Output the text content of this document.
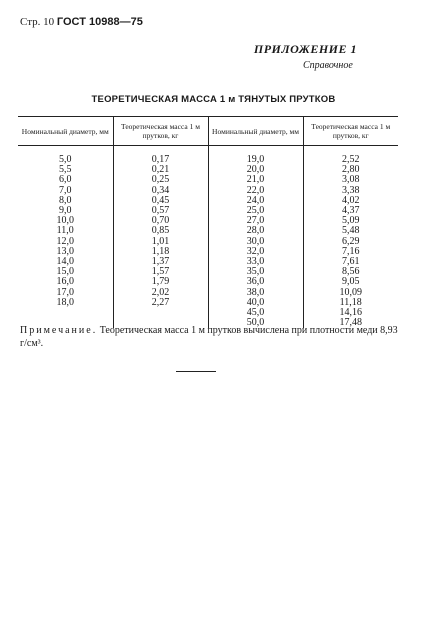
Стр. 10 ГОСТ 10988—75
ПРИЛОЖЕНИЕ 1
Справочное
ТЕОРЕТИЧЕСКАЯ МАССА 1 м ТЯНУТЫХ ПРУТКОВ
Номинальный диаметр, мм	Теоретическая масса 1 м прутков, кг	Номинальный диаметр, мм	Теоретическая масса 1 м прутков, кг
5,0	0,17	19,0	2,52
5,5	0,21	20,0	2,80
6,0	0,25	21,0	3,08
7,0	0,34	22,0	3,38
8,0	0,45	24,0	4,02
9,0	0,57	25,0	4,37
10,0	0,70	27,0	5,09
11,0	0,85	28,0	5,48
12,0	1,01	30,0	6,29
13,0	1,18	32,0	7,16
14,0	1,37	33,0	7,61
15,0	1,57	35,0	8,56
16,0	1,79	36,0	9,05
17,0	2,02	38,0	10,09
18,0	2,27	40,0	11,18
		45,0	14,16
		50,0	17,48
Примечание. Теоретическая масса 1 м прутков вычислена при плотности меди 8,93 г/см³.
